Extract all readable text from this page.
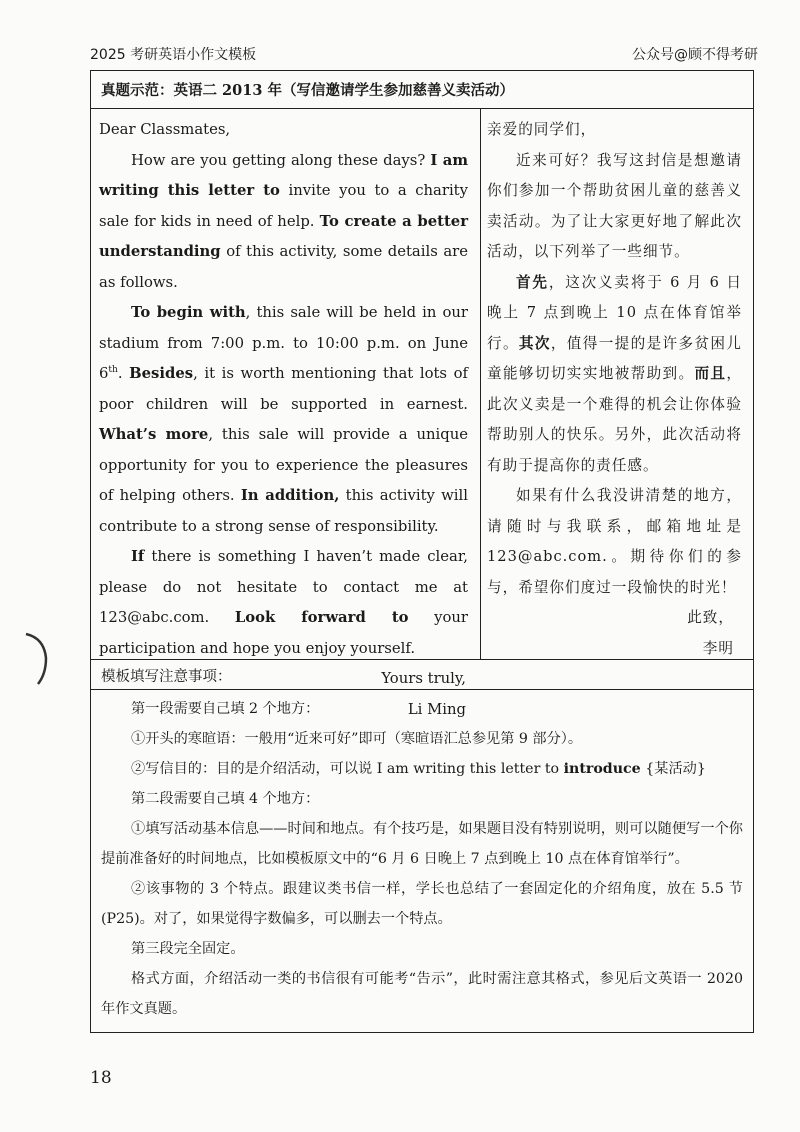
2025 考研英语小作文模板	公众号@顾不得考研
真题示范：英语二 2013 年（写信邀请学生参加慈善义卖活动）

Dear Classmates,

How are you getting along these days? I am writing this letter to invite you to a charity sale for kids in need of help. To create a better understanding of this activity, some details are as follows.

To begin with, this sale will be held in our stadium from 7:00 p.m. to 10:00 p.m. on June 6th. Besides, it is worth mentioning that lots of poor children will be supported in earnest. What’s more, this sale will provide a unique opportunity for you to experience the pleasures of helping others. In addition, this activity will contribute to a strong sense of responsibility.

If there is something I haven’t made clear, please do not hesitate to contact me at 123@abc.com. Look forward to your participation and hope you enjoy yourself.

Yours truly,

Li Ming

亲爱的同学们，

近来可好？我写这封信是想邀请你们参加一个帮助贫困儿童的慈善义卖活动。为了让大家更好地了解此次活动，以下列举了一些细节。

首先，这次义卖将于 6 月 6 日晚上 7 点到晚上 10 点在体育馆举行。其次，值得一提的是许多贫困儿童能够切切实实地被帮助到。而且，此次义卖是一个难得的机会让你体验帮助别人的快乐。另外，此次活动将有助于提高你的责任感。

如果有什么我没讲清楚的地方，请随时与我联系，邮箱地址是 123@abc.com.。期待你们的参与，希望你们度过一段愉快的时光！

此致，

李明

模板填写注意事项：

第一段需要自己填 2 个地方：

①开头的寒暄语：一般用“近来可好”即可（寒暄语汇总参见第 9 部分）。

②写信目的：目的是介绍活动，可以说 I am writing this letter to introduce {某活动}

第二段需要自己填 4 个地方：

①填写活动基本信息——时间和地点。有个技巧是，如果题目没有特别说明，则可以随便写一个你提前准备好的时间地点，比如模板原文中的“6 月 6 日晚上 7 点到晚上 10 点在体育馆举行”。

②该事物的 3 个特点。跟建议类书信一样，学长也总结了一套固定化的介绍角度，放在 5.5 节 (P25)。对了，如果觉得字数偏多，可以删去一个特点。

第三段完全固定。

格式方面，介绍活动一类的书信很有可能考“告示”，此时需注意其格式，参见后文英语一 2020 年作文真题。

18
